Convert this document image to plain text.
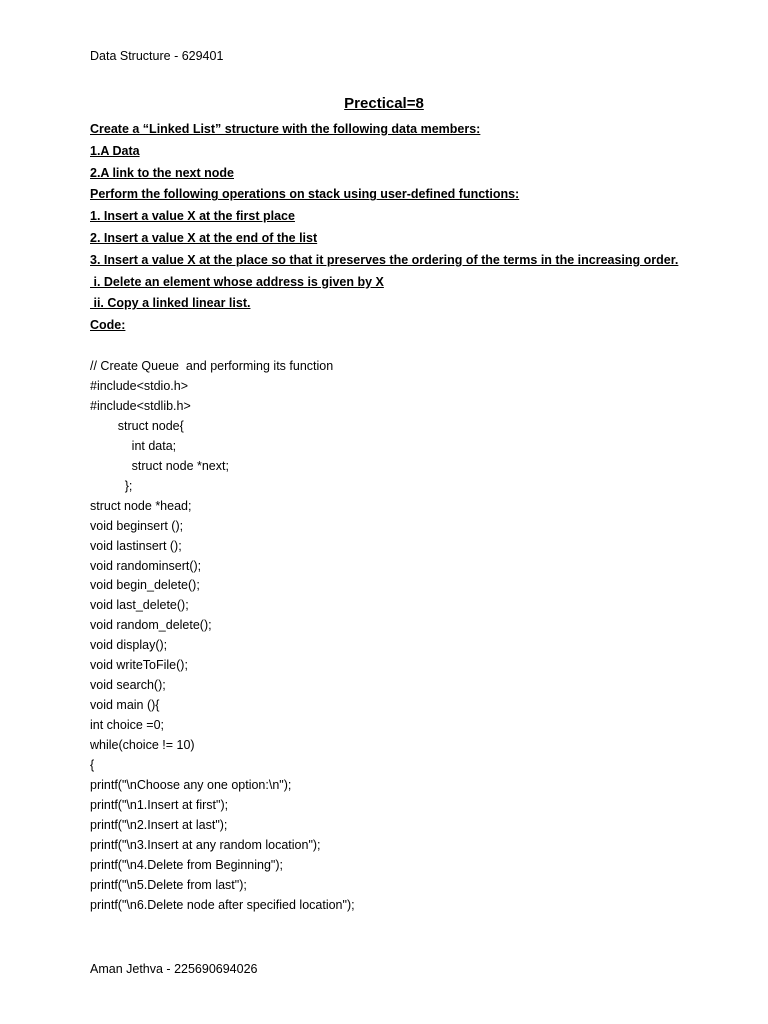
Data Structure - 629401
Prectical=8
Create a “Linked List” structure with the following data members:
1.A Data
2.A link to the next node
Perform the following operations on stack using user-defined functions:
1. Insert a value X at the first place
2. Insert a value X at the end of the list
3. Insert a value X at the place so that it preserves the ordering of the terms in the increasing order.
i. Delete an element whose address is given by X
ii. Copy a linked linear list.
Code:
// Create Queue  and performing its function
#include<stdio.h>
#include<stdlib.h>
struct node{
int data;
struct node *next;
};
struct node *head;
void beginsert ();
void lastinsert ();
void randominsert();
void begin_delete();
void last_delete();
void random_delete();
void display();
void writeToFile();
void search();
void main (){
int choice =0;
while(choice != 10)
{
printf("\nChoose any one option:\n");
printf("\n1.Insert at first");
printf("\n2.Insert at last");
printf("\n3.Insert at any random location");
printf("\n4.Delete from Beginning");
printf("\n5.Delete from last");
printf("\n6.Delete node after specified location");
Aman Jethva - 225690694026
